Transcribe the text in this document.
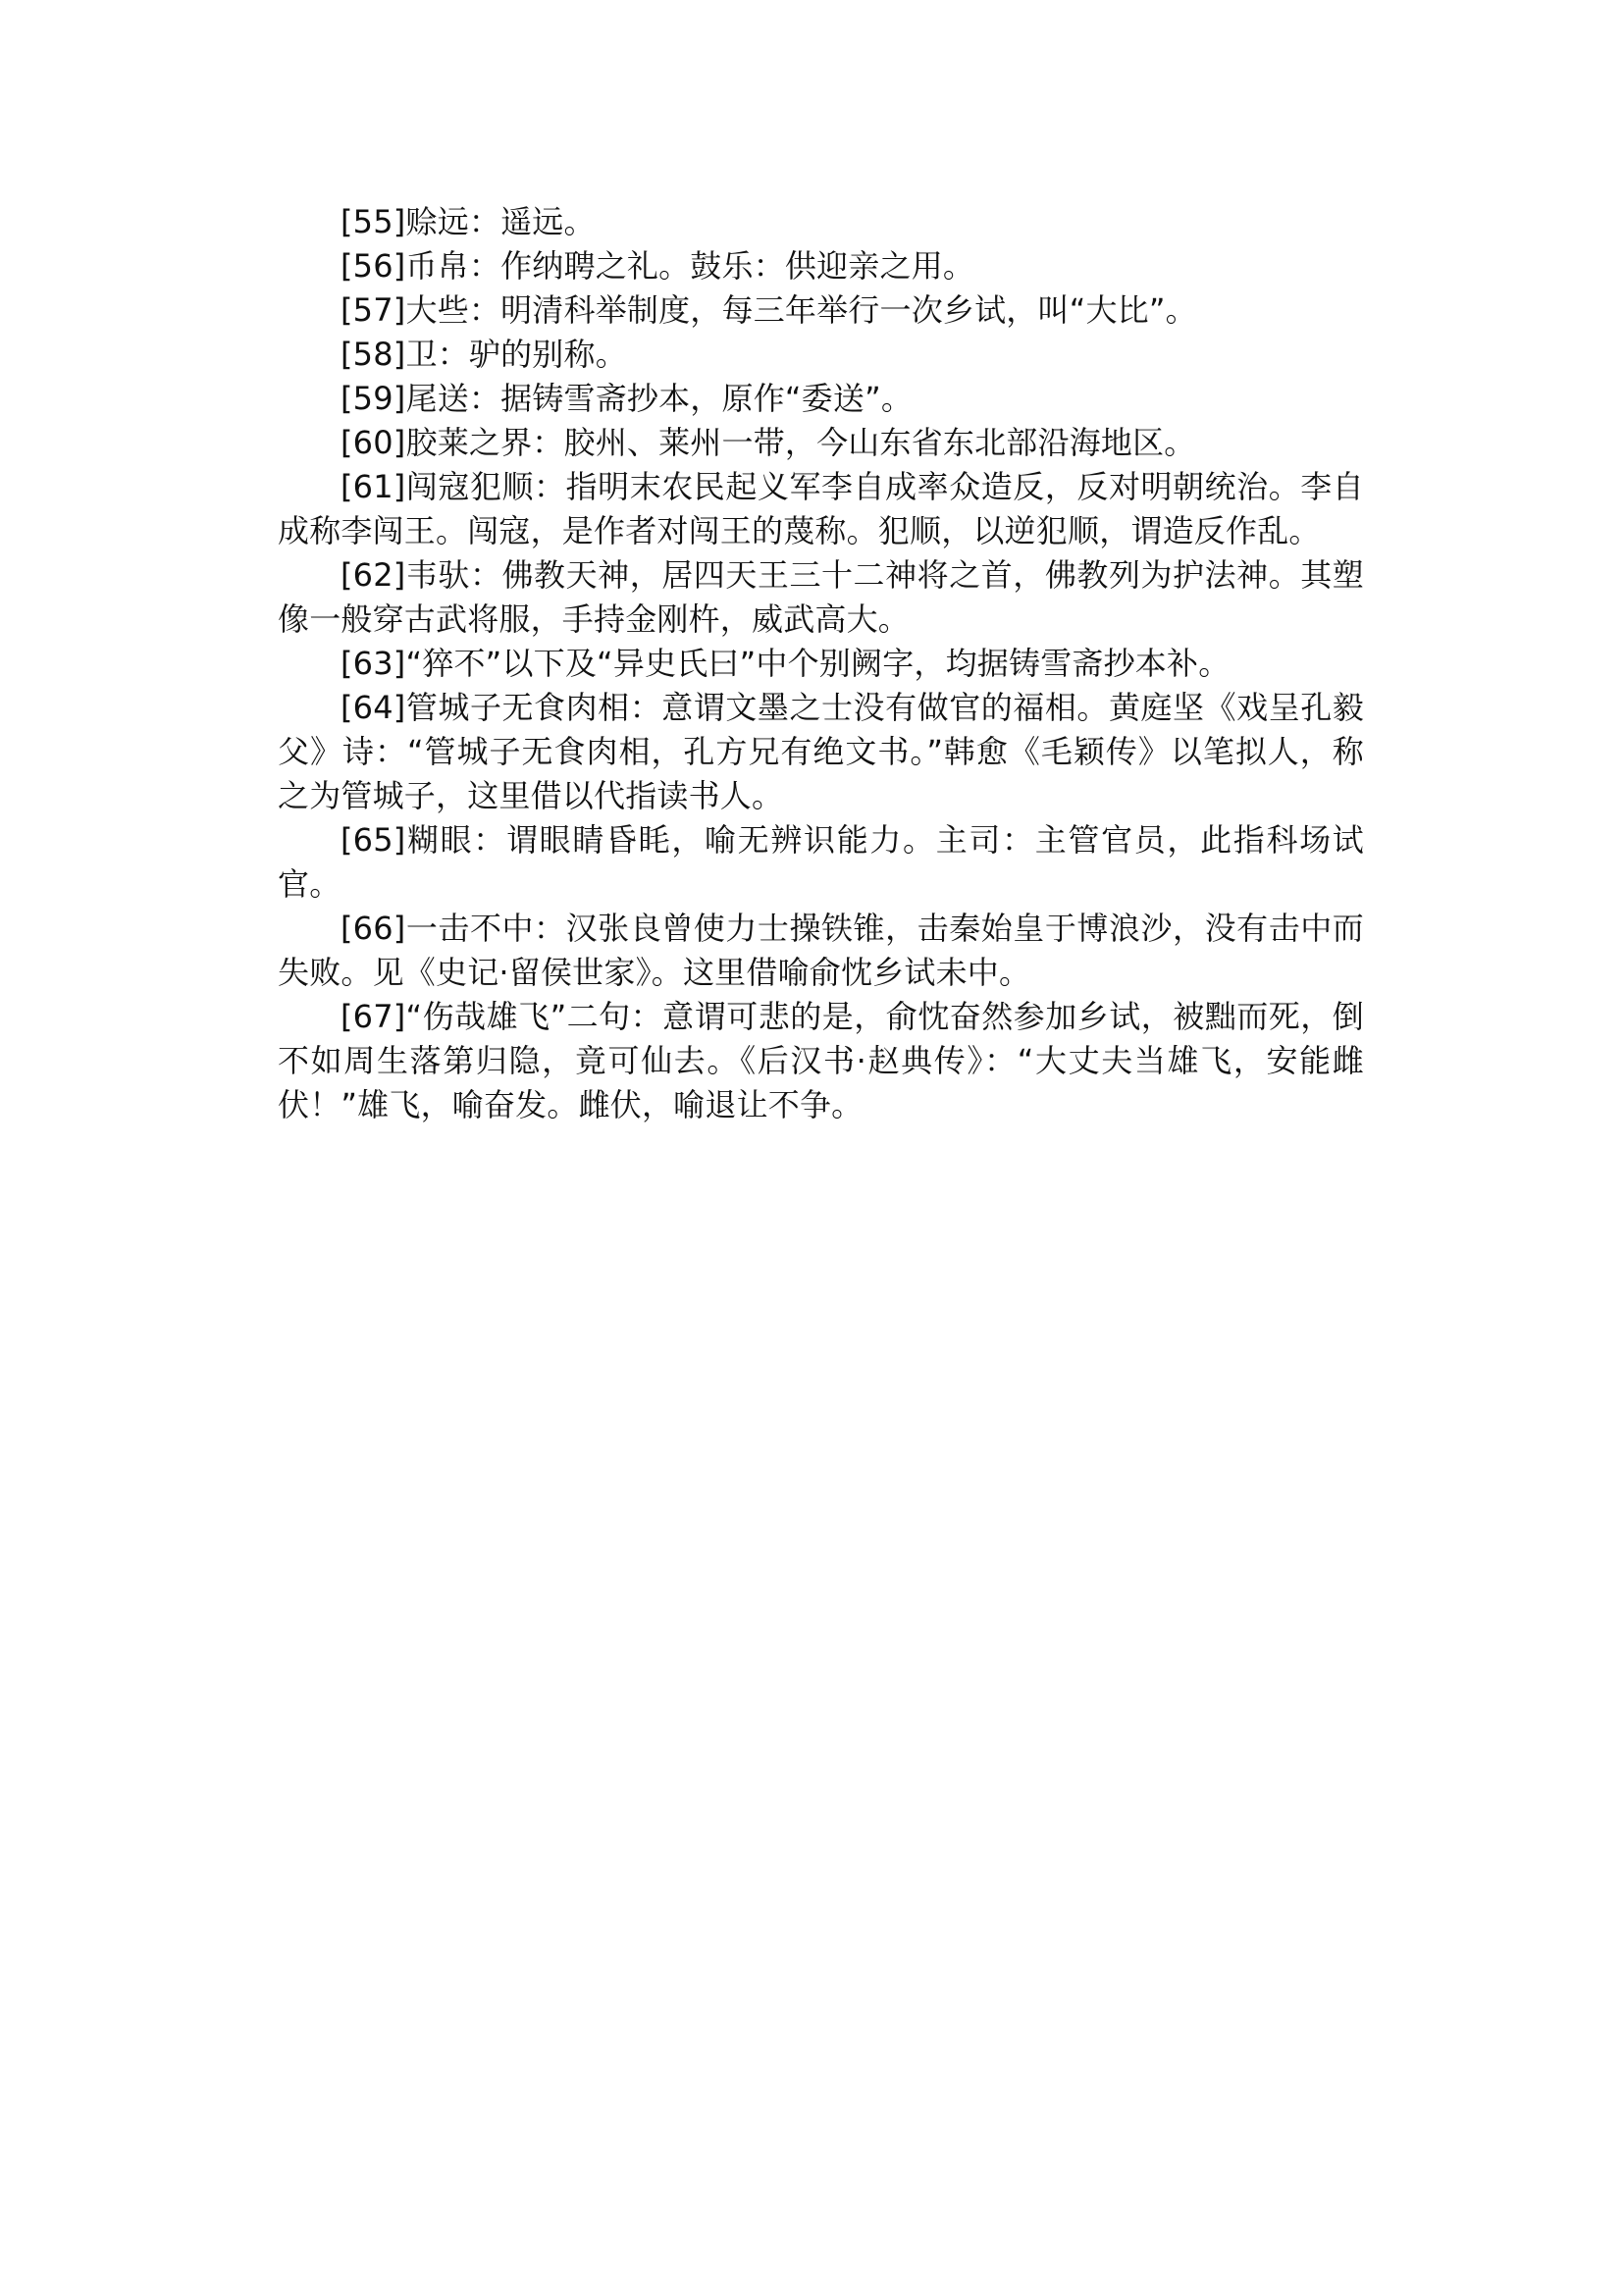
[55]赊远：遥远。

[56]币帛：作纳聘之礼。鼓乐：供迎亲之用。

[57]大些：明清科举制度，每三年举行一次乡试，叫“大比”。

[58]卫：驴的别称。

[59]尾送：据铸雪斋抄本，原作“委送”。

[60]胶莱之界：胶州、莱州一带，今山东省东北部沿海地区。

[61]闯寇犯顺：指明末农民起义军李自成率众造反，反对明朝统治。李自成称李闯王。闯寇，是作者对闯王的蔑称。犯顺，以逆犯顺，谓造反作乱。

[62]韦驮：佛教天神，居四天王三十二神将之首，佛教列为护法神。其塑像一般穿古武将服，手持金刚杵，威武高大。

[63]“猝不”以下及“异史氏曰”中个别阙字，均据铸雪斋抄本补。

[64]管城子无食肉相：意谓文墨之士没有做官的福相。黄庭坚《戏呈孔毅父》诗：“管城子无食肉相，孔方兄有绝文书。”韩愈《毛颖传》以笔拟人，称之为管城子，这里借以代指读书人。

[65]糊眼：谓眼睛昏眊，喻无辨识能力。主司：主管官员，此指科场试官。

[66]一击不中：汉张良曾使力士操铁锥，击秦始皇于博浪沙，没有击中而失败。见《史记·留侯世家》。这里借喻俞忱乡试未中。

[67]“伤哉雄飞”二句：意谓可悲的是，俞忱奋然参加乡试，被黜而死，倒不如周生落第归隐，竟可仙去。《后汉书·赵典传》：“大丈夫当雄飞，安能雌伏！”雄飞，喻奋发。雌伏，喻退让不争。
